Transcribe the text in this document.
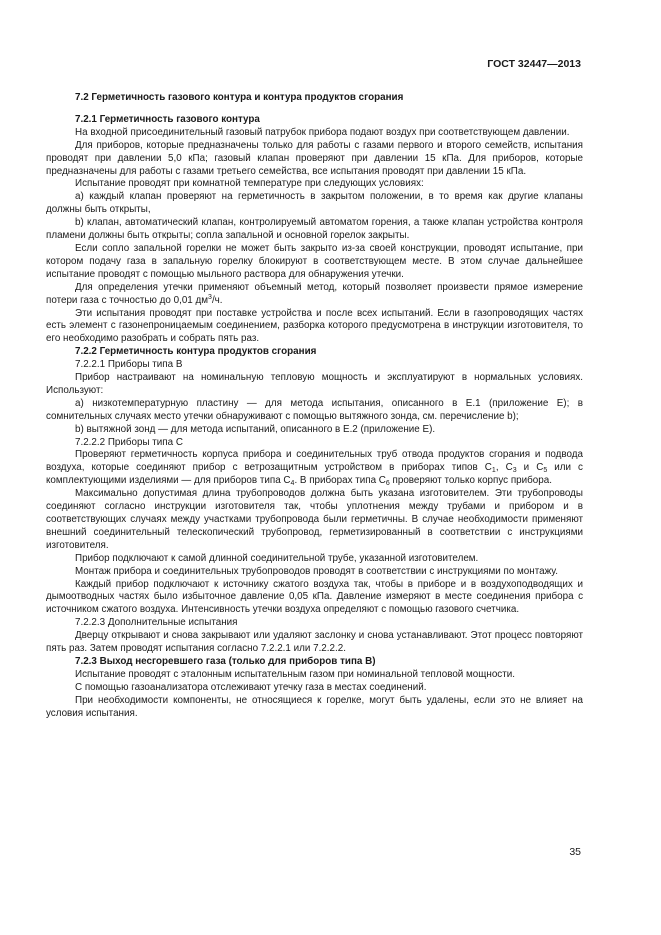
ГОСТ 32447—2013

7.2 Герметичность газового контура и контура продуктов сгорания

7.2.1 Герметичность газового контура

На входной присоединительный газовый патрубок прибора подают воздух при соответствующем давлении.

Для приборов, которые предназначены только для работы с газами первого и второго семейств, испытания проводят при давлении 5,0 кПа; газовый клапан проверяют при давлении 15 кПа. Для приборов, которые предназначены для работы с газами третьего семейства, все испытания проводят при давлении 15 кПа.

Испытание проводят при комнатной температуре при следующих условиях:

а) каждый клапан проверяют на герметичность в закрытом положении, в то время как другие клапаны должны быть открыты,

b) клапан, автоматический клапан, контролируемый автоматом горения, а также клапан устройства контроля пламени должны быть открыты; сопла запальной и основной горелок закрыты.

Если сопло запальной горелки не может быть закрыто из-за своей конструкции, проводят испытание, при котором подачу газа в запальную горелку блокируют в соответствующем месте. В этом случае дальнейшее испытание проводят с помощью мыльного раствора для обнаружения утечки.

Для определения утечки применяют объемный метод, который позволяет произвести прямое измерение потери газа с точностью до 0,01 $дм^3/ч$.

Эти испытания проводят при поставке устройства и после всех испытаний. Если в газопроводящих частях есть элемент с газонепроницаемым соединением, разборка которого предусмотрена в инструкции изготовителя, то его необходимо разобрать и собрать пять раз.

7.2.2 Герметичность контура продуктов сгорания

7.2.2.1 Приборы типа В

Прибор настраивают на номинальную тепловую мощность и эксплуатируют в нормальных условиях. Используют:

а) низкотемпературную пластину — для метода испытания, описанного в Е.1 (приложение Е); в сомнительных случаях место утечки обнаруживают с помощью вытяжного зонда, см. перечисление b);

b) вытяжной зонд — для метода испытаний, описанного в Е.2 (приложение Е).

7.2.2.2 Приборы типа С

Проверяют герметичность корпуса прибора и соединительных труб отвода продуктов сгорания и подвода воздуха, которые соединяют прибор с ветрозащитным устройством в приборах типов $С_1$, $С_3$ и $С_5$ или с комплектующими изделиями — для приборов типа $С_4$. В приборах типа $С_6$ проверяют только корпус прибора.

Максимально допустимая длина трубопроводов должна быть указана изготовителем. Эти трубопроводы соединяют согласно инструкции изготовителя так, чтобы уплотнения между трубами и прибором и в соответствующих случаях между участками трубопровода были герметичны. В случае необходимости применяют внешний соединительный телескопический трубопровод, герметизированный в соответствии с инструкциями изготовителя.

Прибор подключают к самой длинной соединительной трубе, указанной изготовителем.

Монтаж прибора и соединительных трубопроводов проводят в соответствии с инструкциями по монтажу.

Каждый прибор подключают к источнику сжатого воздуха так, чтобы в приборе и в воздухоподводящих и дымоотводных частях было избыточное давление 0,05 кПа. Давление измеряют в месте соединения прибора с источником сжатого воздуха. Интенсивность утечки воздуха определяют с помощью газового счетчика.

7.2.2.3 Дополнительные испытания

Дверцу открывают и снова закрывают или удаляют заслонку и снова устанавливают. Этот процесс повторяют пять раз. Затем проводят испытания согласно 7.2.2.1 или 7.2.2.2.

7.2.3 Выход несгоревшего газа (только для приборов типа В)

Испытание проводят с эталонным испытательным газом при номинальной тепловой мощности.

С помощью газоанализатора отслеживают утечку газа в местах соединений.

При необходимости компоненты, не относящиеся к горелке, могут быть удалены, если это не влияет на условия испытания.

35
